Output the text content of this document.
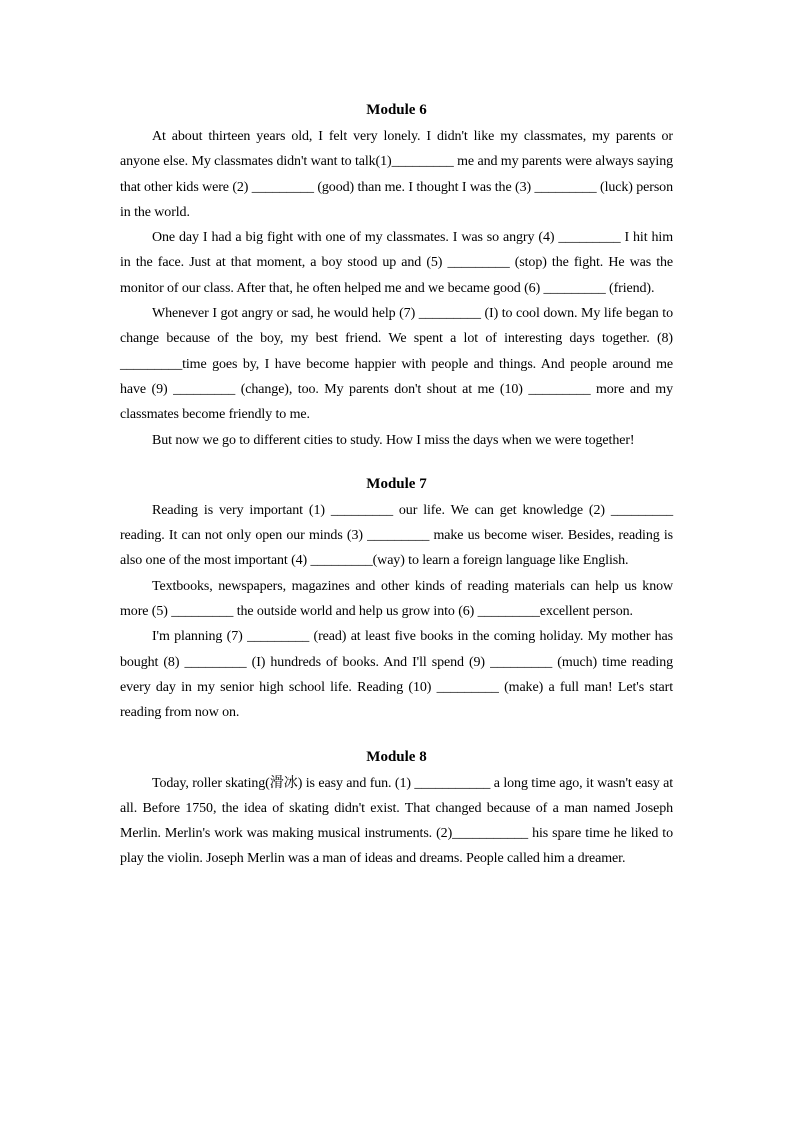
Module 6

At about thirteen years old, I felt very lonely. I didn't like my classmates, my parents or anyone else. My classmates didn't want to talk(1)_________ me and my parents were always saying that other kids were (2) _________ (good) than me. I thought I was the (3) _________ (luck) person in the world.

One day I had a big fight with one of my classmates. I was so angry (4) _________ I hit him in the face. Just at that moment, a boy stood up and (5) _________ (stop) the fight. He was the monitor of our class. After that, he often helped me and we became good (6) _________ (friend).

Whenever I got angry or sad, he would help (7) _________ (I) to cool down. My life began to change because of the boy, my best friend. We spent a lot of interesting days together. (8) _________time goes by, I have become happier with people and things. And people around me have (9) _________ (change), too. My parents don't shout at me (10) _________ more and my classmates become friendly to me.

But now we go to different cities to study. How I miss the days when we were together!

Module 7

Reading is very important (1) _________ our life. We can get knowledge (2) _________ reading. It can not only open our minds (3) _________ make us become wiser. Besides, reading is also one of the most important (4) _________(way) to learn a foreign language like English.

Textbooks, newspapers, magazines and other kinds of reading materials can help us know more (5) _________ the outside world and help us grow into (6) _________excellent person.

I'm planning (7) _________ (read) at least five books in the coming holiday. My mother has bought (8) _________ (I) hundreds of books. And I'll spend (9) _________ (much) time reading every day in my senior high school life. Reading (10) _________ (make) a full man! Let's start reading from now on.

Module 8

Today, roller skating(滑冰) is easy and fun. (1) ___________ a long time ago, it wasn't easy at all. Before 1750, the idea of skating didn't exist. That changed because of a man named Joseph Merlin. Merlin's work was making musical instruments. (2)___________ his spare time he liked to play the violin. Joseph Merlin was a man of ideas and dreams. People called him a dreamer.
